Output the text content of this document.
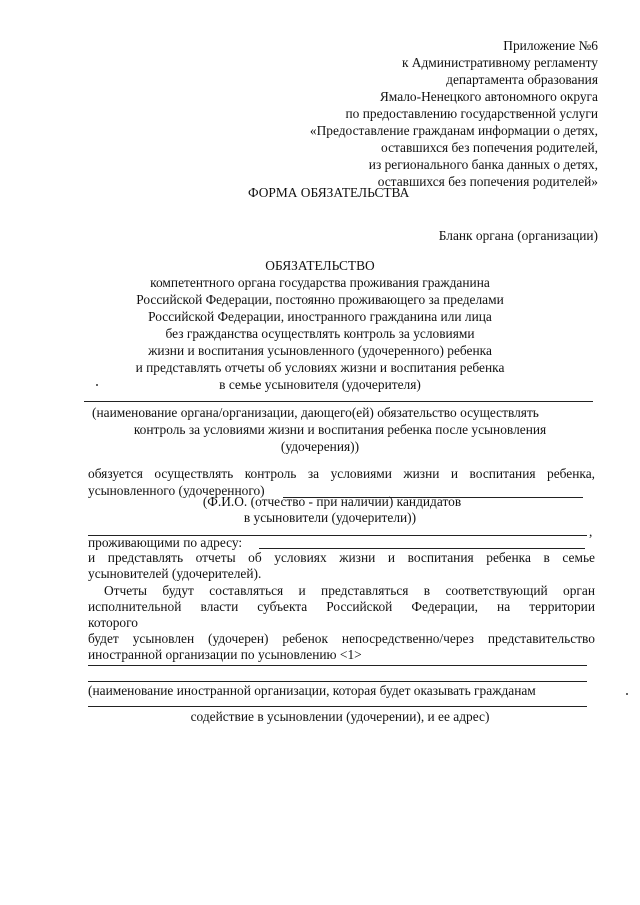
Приложение №6
к Административному регламенту
департамента образования
Ямало-Ненецкого автономного округа
по предоставлению государственной услуги
«Предоставление гражданам информации о детях,
оставшихся без попечения родителей,
из регионального банка данных о детях,
оставшихся без попечения родителей»
ФОРМА ОБЯЗАТЕЛЬСТВА
Бланк органа (организации)
ОБЯЗАТЕЛЬСТВО
компетентного органа государства проживания гражданина
Российской Федерации, постоянно проживающего за пределами
Российской Федерации, иностранного гражданина или лица
без гражданства осуществлять контроль за условиями
жизни и воспитания усыновленного (удочеренного) ребенка
и представлять отчеты об условиях жизни и воспитания ребенка
в семье усыновителя (удочерителя)
(наименование органа/организации, дающего(ей) обязательство осуществлять
контроль за условиями жизни и воспитания ребенка после усыновления
(удочерения))
обязуется осуществлять контроль за условиями жизни и воспитания ребенка,
усыновленного (удочеренного)
(Ф.И.О. (отчество - при наличии) кандидатов
в усыновители (удочерители))
,
проживающими по адресу:
и представлять отчеты об условиях жизни и воспитания ребенка в семье
усыновителей (удочерителей).
Отчеты будут составляться и представляться в соответствующий орган
исполнительной власти субъекта Российской Федерации, на территории
которого
будет усыновлен (удочерен) ребенок непосредственно/через представительство
иностранной организации по усыновлению <1>
(наименование иностранной организации, которая будет оказывать гражданам
содействие в усыновлении (удочерении), и ее адрес)
